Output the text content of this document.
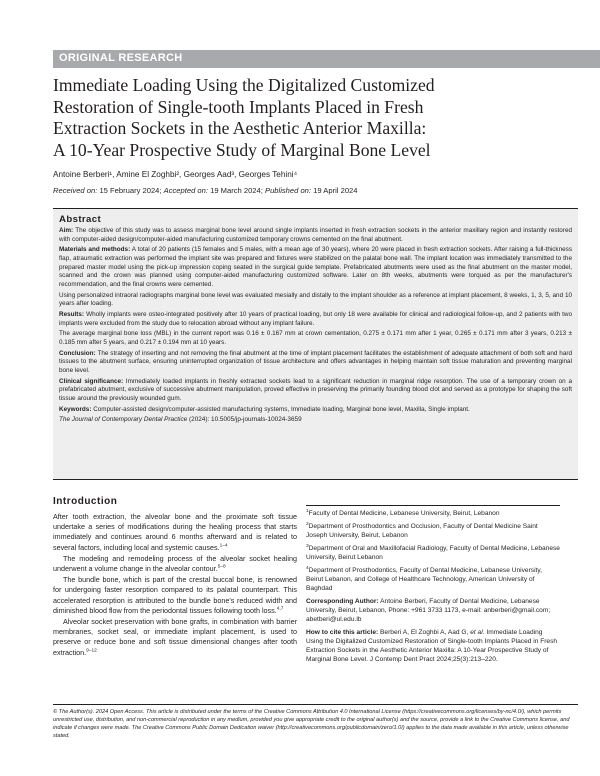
ORIGINAL RESEARCH
Immediate Loading Using the Digitalized Customized
Restoration of Single-tooth Implants Placed in Fresh
Extraction Sockets in the Aesthetic Anterior Maxilla:
A 10-Year Prospective Study of Marginal Bone Level
Antoine Berberi¹, Amine El Zoghbi², Georges Aad³, Georges Tehini⁴
Received on: 15 February 2024; Accepted on: 19 March 2024; Published on: 19 April 2024
Abstract

Aim: The objective of this study was to assess marginal bone level around single implants inserted in fresh extraction sockets in the anterior maxillary region and instantly restored with computer-aided design/computer-aided manufacturing customized temporary crowns cemented on the final abutment.

Materials and methods: A total of 20 patients (15 females and 5 males, with a mean age of 30 years), where 20 were placed in fresh extraction sockets. After raising a full-thickness flap, atraumatic extraction was performed the implant site was prepared and fixtures were stabilized on the palatal bone wall. The implant location was immediately transmitted to the prepared master model using the pick-up impression coping seated in the surgical guide template. Prefabricated abutments were used as the final abutment on the master model, scanned and the crown was planned using computer-aided manufacturing customized software. Later on 8th weeks, abutments were torqued as per the manufacturer's recommendation, and the final crowns were cemented.

Using personalized intraoral radiographs marginal bone level was evaluated mesially and distally to the implant shoulder as a reference at implant placement, 8 weeks, 1, 3, 5, and 10 years after loading.

Results: Wholly implants were osteo-integrated positively after 10 years of practical loading, but only 18 were available for clinical and radiological follow-up, and 2 patients with two implants were excluded from the study due to relocation abroad without any implant failure.

The average marginal bone loss (MBL) in the current report was 0.16 ± 0.167 mm at crown cementation, 0.275 ± 0.171 mm after 1 year, 0.265 ± 0.171 mm after 3 years, 0.213 ± 0.185 mm after 5 years, and 0.217 ± 0.194 mm at 10 years.

Conclusion: The strategy of inserting and not removing the final abutment at the time of implant placement facilitates the establishment of adequate attachment of both soft and hard tissues to the abutment surface, ensuring uninterrupted organization of tissue architecture and offers advantages in helping maintain soft tissue maturation and preventing marginal bone level.

Clinical significance: Immediately loaded implants in freshly extracted sockets lead to a significant reduction in marginal ridge resorption. The use of a temporary crown on a prefabricated abutment, exclusive of successive abutment manipulation, proved effective in preserving the primarily founding blood clot and served as a prototype for shaping the soft tissue around the previously wounded gum.

Keywords: Computer-assisted design/computer-assisted manufacturing systems, Immediate loading, Marginal bone level, Maxilla, Single implant.

The Journal of Contemporary Dental Practice (2024): 10.5005/jp-journals-10024-3659

Introduction

After tooth extraction, the alveolar bone and the proximate soft tissue undertake a series of modifications during the healing process that starts immediately and continues around 6 months afterward and is related to several factors, including local and systemic causes.$^{1-4}$

The modeling and remodeling process of the alveolar socket healing underwent a volume change in the alveolar contour.$^{5-8}$

The bundle bone, which is part of the crestal buccal bone, is renowned for undergoing faster resorption compared to its palatal counterpart. This accelerated resorption is attributed to the bundle bone's reduced width and diminished blood flow from the periodontal tissues following tooth loss.$^{4,7}$

Alveolar socket preservation with bone grafts, in combination with barrier membranes, socket seal, or immediate implant placement, is used to preserve or reduce bone and soft tissue dimensional changes after tooth extraction.$^{9-12}$

$^1$Faculty of Dental Medicine, Lebanese University, Beirut, Lebanon

$^2$Department of Prosthodontics and Occlusion, Faculty of Dental Medicine Saint Joseph University, Beirut, Lebanon

$^3$Department of Oral and Maxillofacial Radiology, Faculty of Dental Medicine, Lebanese University, Beirut Lebanon

$^4$Department of Prosthodontics, Faculty of Dental Medicine, Lebanese University, Beirut Lebanon, and College of Healthcare Technology, American University of Baghdad

Corresponding Author: Antoine Berberi, Faculty of Dental Medicine, Lebanese University, Beirut, Lebanon, Phone: +961 3733 1173, e-mail: anberberi@gmail.com; abetberi@ul.edu.lb

How to cite this article: Berberi A, El Zoghbi A, Aad G, et al. Immediate Loading Using the Digitalized Customized Restoration of Single-tooth Implants Placed in Fresh Extraction Sockets in the Aesthetic Anterior Maxilla: A 10-Year Prospective Study of Marginal Bone Level. J Contemp Dent Pract 2024;25(3):213–220.

© The Author(s). 2024 Open Access. This article is distributed under the terms of the Creative Commons Attribution 4.0 International License (https://creativecommons.org/licenses/by-nc/4.0/), which permits unrestricted use, distribution, and non-commercial reproduction in any medium, provided you give appropriate credit to the original author(s) and the source, provide a link to the Creative Commons license, and indicate if changes were made. The Creative Commons Public Domain Dedication waiver (http://creativecommons.org/publicdomain/zero/1.0/) applies to the data made available in this article, unless otherwise stated.
